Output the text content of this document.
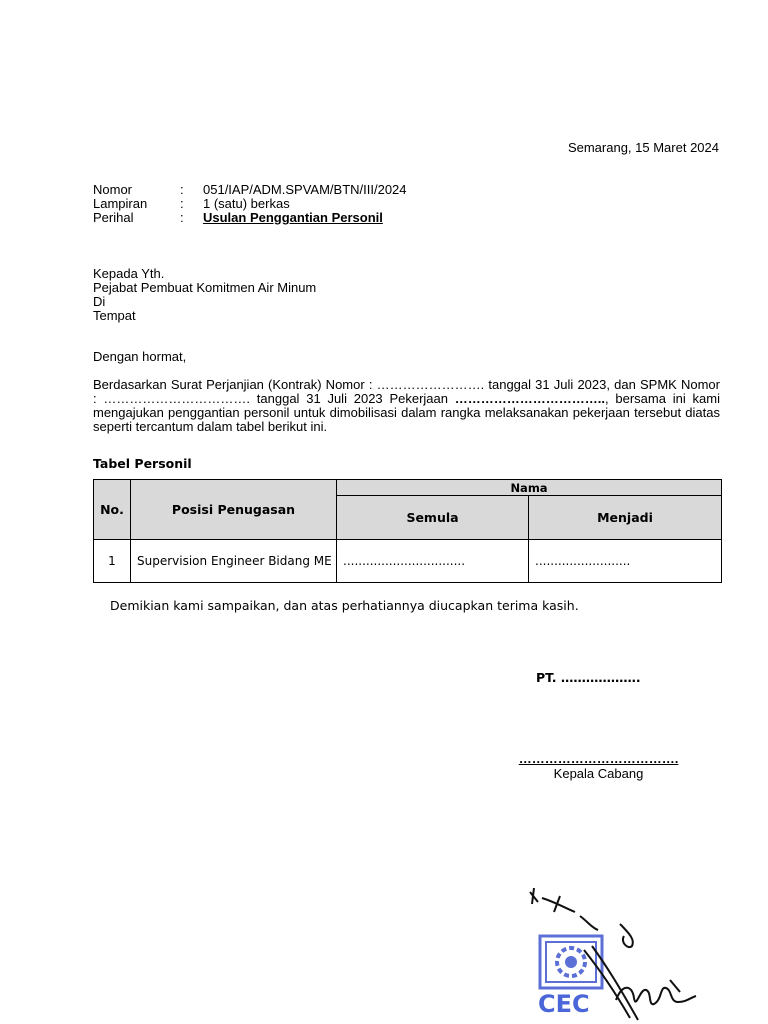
Semarang, 15 Maret 2024
Nomor	: 051/IAP/ADM.SPVAM/BTN/III/2024
Lampiran	: 1 (satu) berkas
Perihal	: Usulan Penggantian Personil
Kepada Yth.
Pejabat Pembuat Komitmen Air Minum
Di
Tempat
Dengan hormat,
Berdasarkan Surat Perjanjian (Kontrak) Nomor : ……………………. tanggal 31 Juli 2023, dan SPMK Nomor : ……………………………. tanggal 31 Juli 2023 Pekerjaan …………………………….., bersama ini kami mengajukan penggantian personil untuk dimobilisasi dalam rangka melaksanakan pekerjaan tersebut diatas seperti tercantum dalam tabel berikut ini.
Tabel Personil
No.	Posisi Penugasan	Nama	
		Semula	Menjadi
1	Supervision Engineer Bidang ME	................................	.........................
Demikian kami sampaikan, dan atas perhatiannya diucapkan terima kasih.
PT. ……………….
……………………………….
Kepala Cabang
CEC
